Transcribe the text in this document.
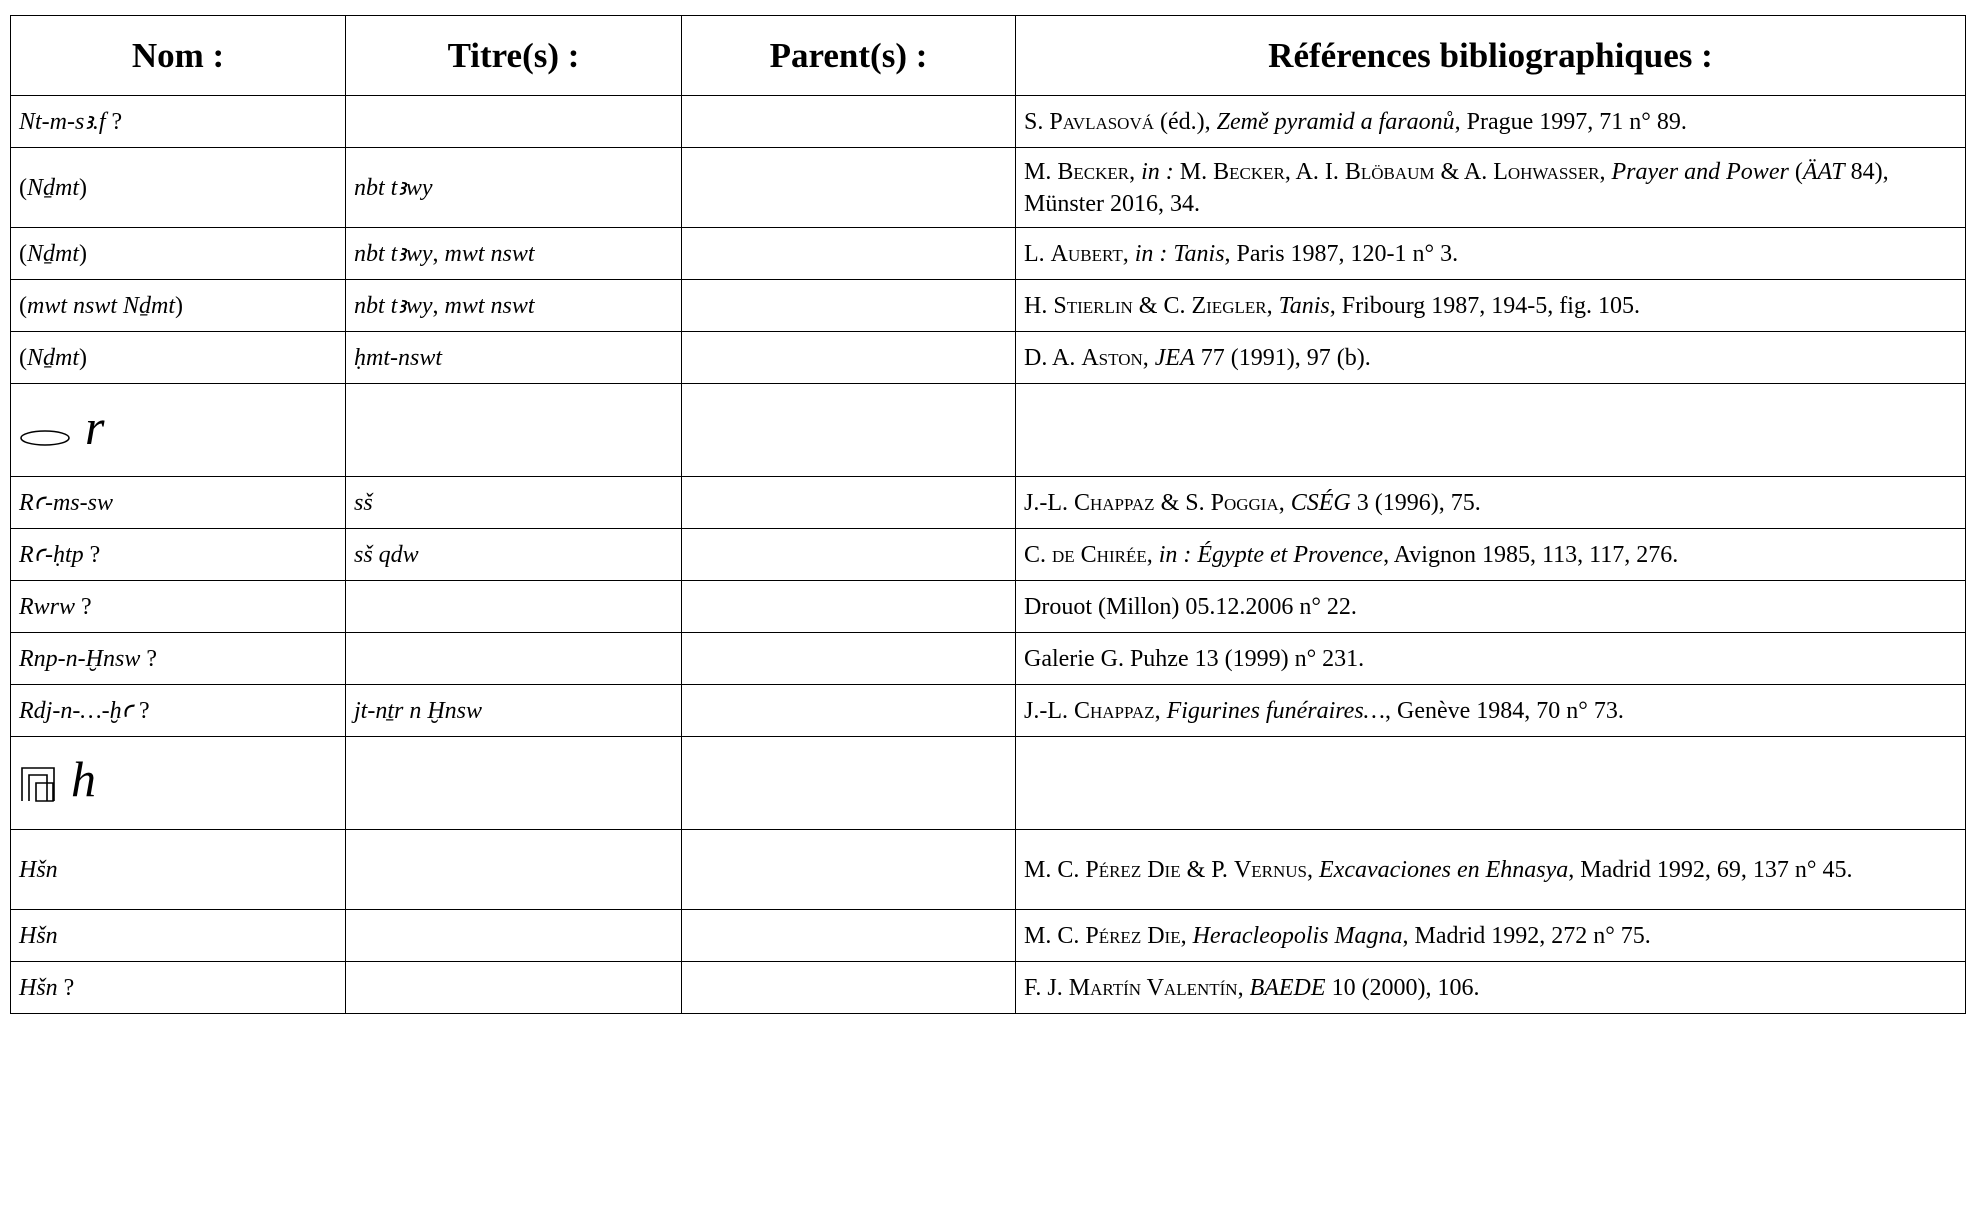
Nom :	Titre(s) :	Parent(s) :	Références bibliographiques :
Nt-m-sꜣ.f ?			S. Pavlasová (éd.), Země pyramid a faraonů, Prague 1997, 71 n° 89.
(Nḏmt)	nbt tꜣwy		M. Becker, in : M. Becker, A. I. Blöbaum & A. Lohwasser, Prayer and Power (ÄAT 84), Münster 2016, 34.
(Nḏmt)	nbt tꜣwy, mwt nswt		L. Aubert, in : Tanis, Paris 1987, 120-1 n° 3.
(mwt nswt Nḏmt)	nbt tꜣwy, mwt nswt		H. Stierlin & C. Ziegler, Tanis, Fribourg 1987, 194-5, fig. 105.
(Nḏmt)	ḥmt-nswt		D. A. Aston, JEA 77 (1991), 97 (b).
r			
Rꜥ-ms-sw	sš		J.-L. Chappaz & S. Poggia, CSÉG 3 (1996), 75.
Rꜥ-ḥtp ?	sš qdw		C. de Chirée, in : Égypte et Provence, Avignon 1985, 113, 117, 276.
Rwrw ?			Drouot (Millon) 05.12.2006 n° 22.
Rnp-n-Ḫnsw ?			Galerie G. Puhze 13 (1999) n° 231.
Rdj-n-…-ḫꜥ ?	jt-nṯr n Ḫnsw		J.-L. Chappaz, Figurines funéraires…, Genève 1984, 70 n° 73.
h			
Hšn			M. C. Pérez Die & P. Vernus, Excavaciones en Ehnasya, Madrid 1992, 69, 137 n° 45.
Hšn			M. C. Pérez Die, Heracleopolis Magna, Madrid 1992, 272 n° 75.
Hšn ?			F. J. Martín Valentín, BAEDE 10 (2000), 106.
